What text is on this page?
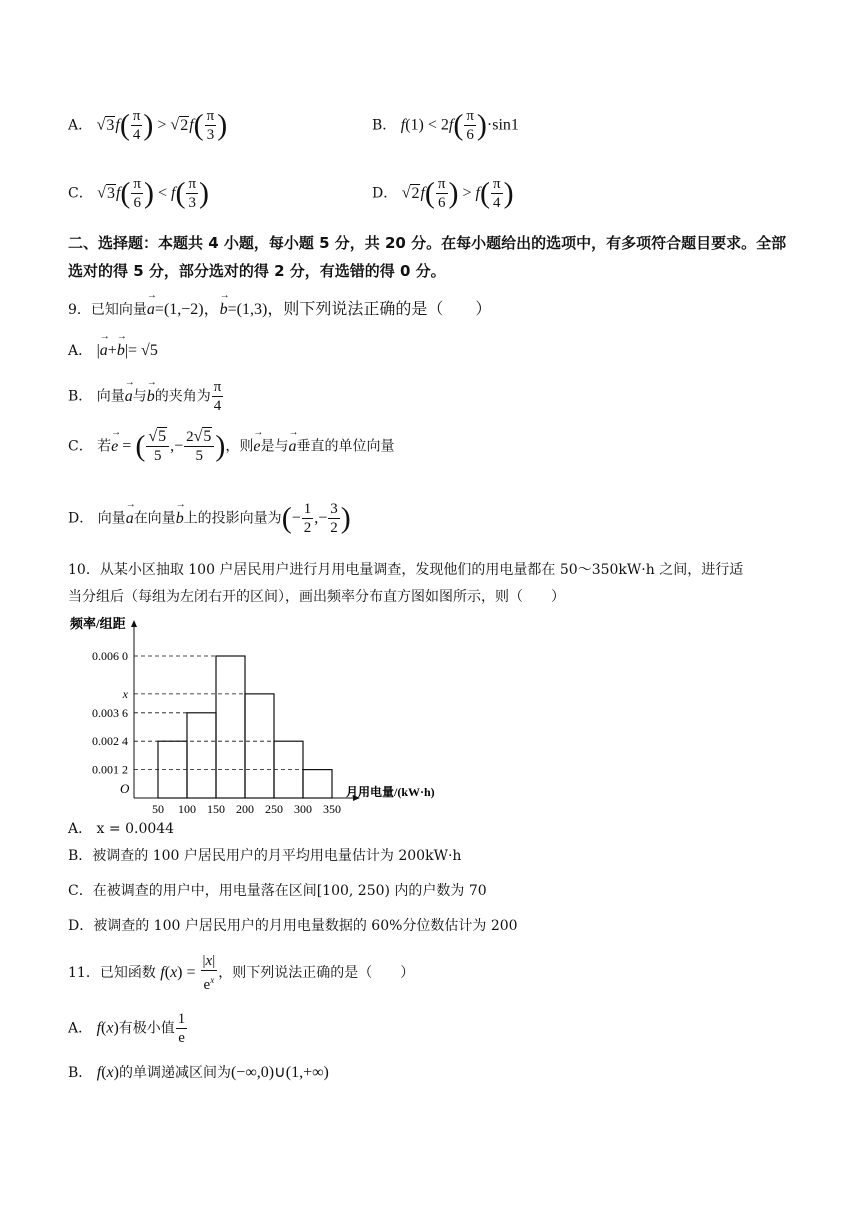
A． $√3f( \frac{\pi}{4}$ ) > $√2f( \frac{\pi}{3}$ )	B． $f(1) < 2f( \frac{\pi}{6} )\cdot\sin 1$
C． $√3f( \frac{\pi}{6}$ ) < $f( \frac{\pi}{3}$ )	D． $√2f( \frac{\pi}{6}$ ) > $f( \frac{\pi}{4}$ )
二、选择题：本题共 4 小题，每小题 5 分，共 20 分。在每小题给出的选项中，有多项符合题目要求。全部选对的得 5 分，部分选对的得 2 分，有选错的得 0 分。
9．已知向量→ a=(1,−2)，→ b=(1,3)，则下列说法正确的是（　　）
A． |→ a+→ b|= √5
B． 向量→ a与→ b的夹角为 $\frac{\pi}{4}$
C． 若→ e = ( $\frac{√5}{5}$ ,− $\frac{2√5}{5}$ )，则→ e是与→ a垂直的单位向量
D． 向量→ a在向量→ b上的投影向量为(− $\frac{1}{2}$ ,− $\frac{3}{2}$ )
10．从某小区抽取 100 户居民用户进行月用电量调查，发现他们的用电量都在 50～350kW·h 之间，进行适
当分组后（每组为左闭右开的区间），画出频率分布直方图如图所示，则（　　）
频率/组距
O
0.001 2
0.002 4
0.003 6
x
0.006 0
50 100 150 200 250 300 350
月用电量/(kW·h)
A． x = 0.0044
B．被调查的 100 户居民用户的月平均用电量估计为 200kW·h
C．在被调查的用户中，用电量落在区间[100, 250) 内的户数为 70
D．被调查的 100 户居民用户的月用电量数据的 60%分位数估计为 200
11．已知函数 $f(x) = \frac{|x|}{e^x}$ ，则下列说法正确的是（　　）
A． f(x)有极小值 $\frac{1}{e}$
B． f(x)的单调递减区间为(−∞,0)∪(1,+∞)
